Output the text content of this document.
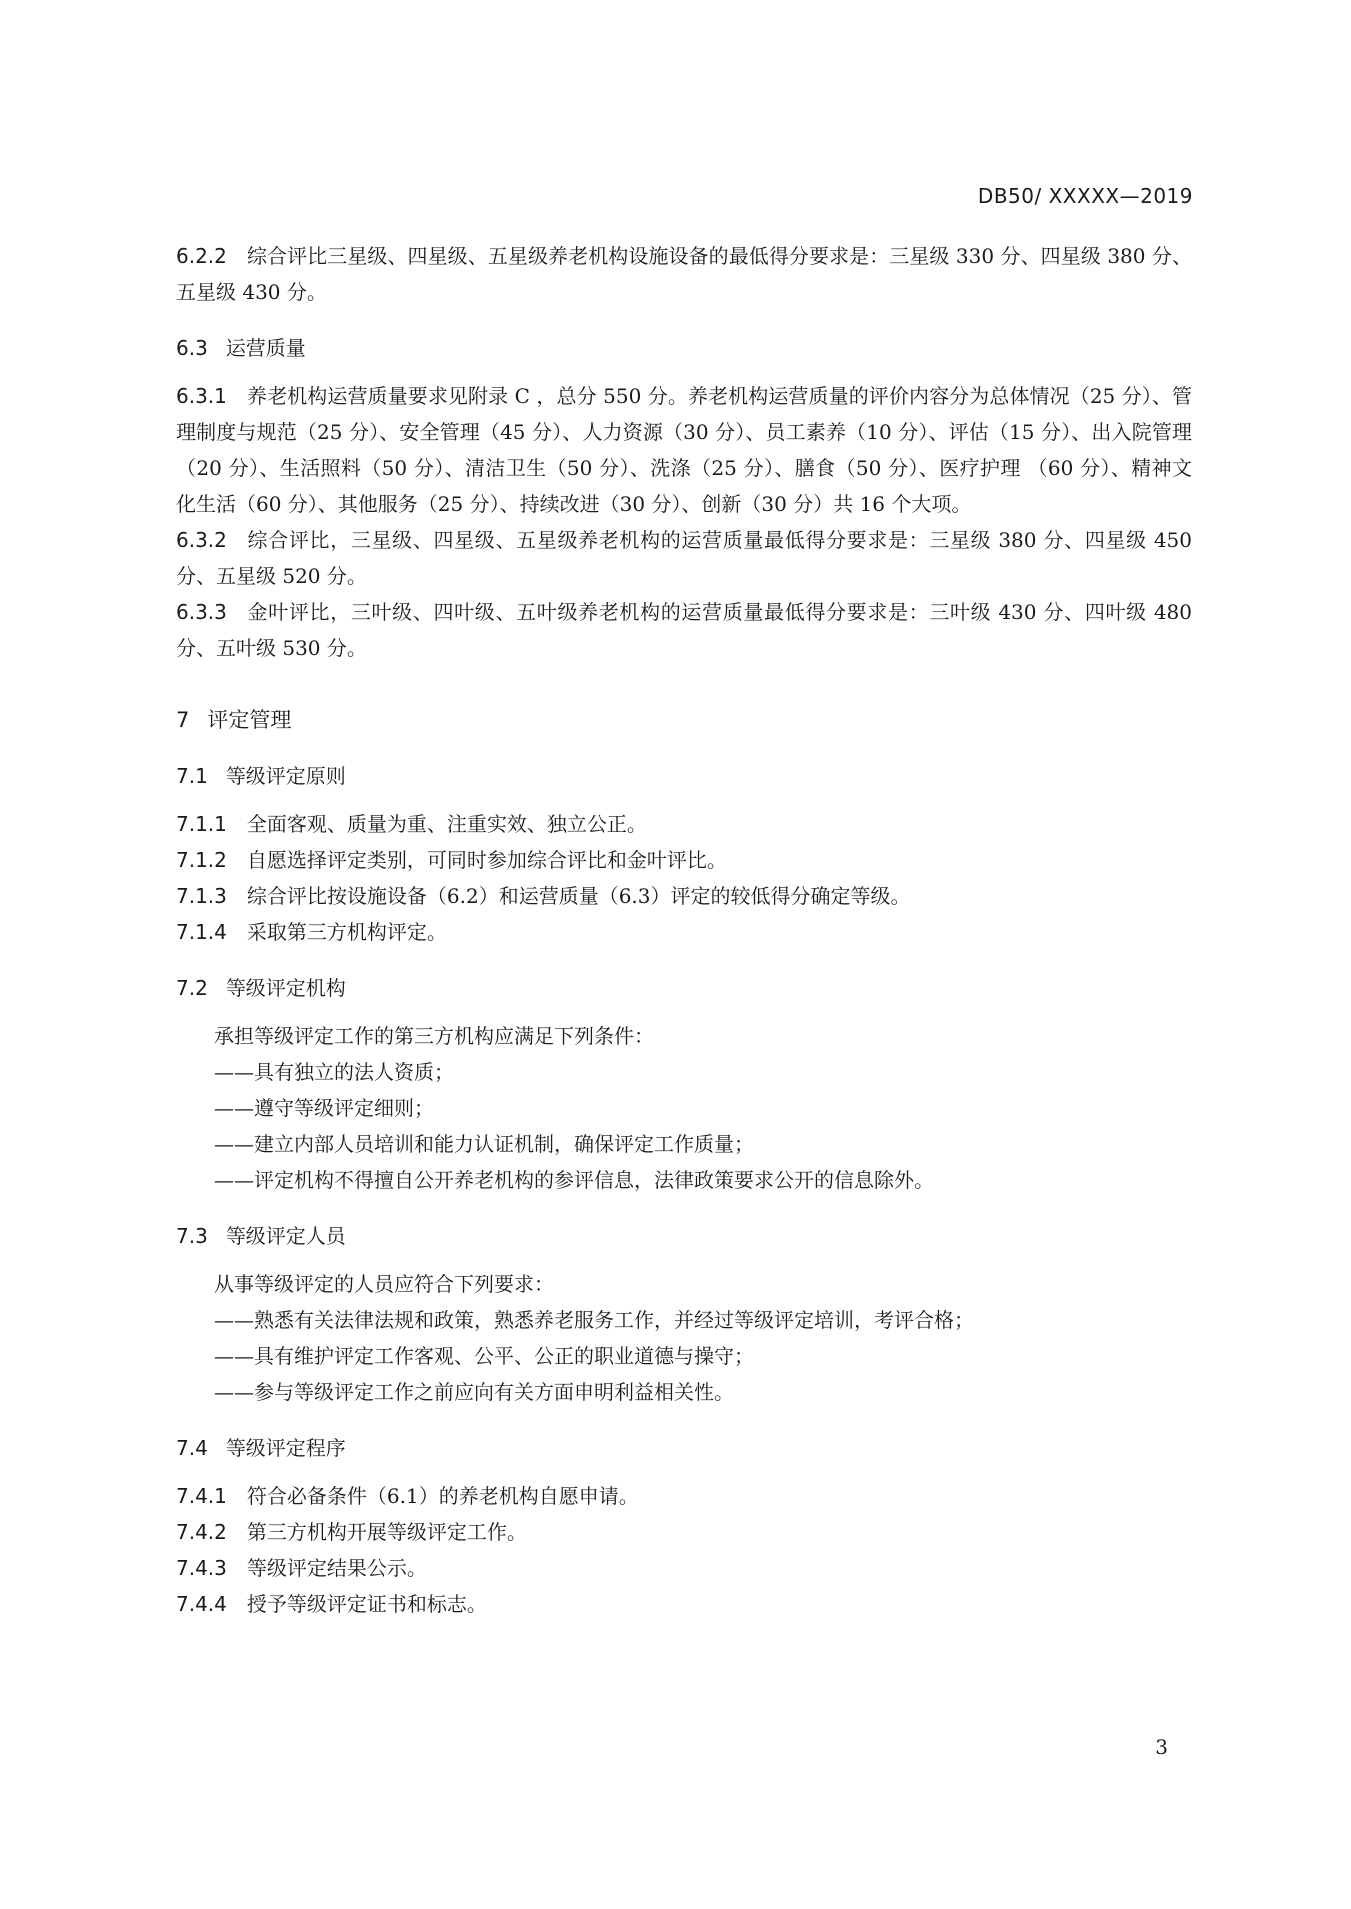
DB50/ XXXXX—2019

6.2.2 综合评比三星级、四星级、五星级养老机构设施设备的最低得分要求是：三星级 330 分、四星级 380 分、五星级 430 分。

6.3 运营质量

6.3.1 养老机构运营质量要求见附录 C ，总分 550 分。养老机构运营质量的评价内容分为总体情况（25 分）、管理制度与规范（25 分）、安全管理（45 分）、人力资源（30 分）、员工素养（10 分）、评估（15 分）、出入院管理（20 分）、生活照料（50 分）、清洁卫生（50 分）、洗涤（25 分）、膳食（50 分）、医疗护理 （60 分）、精神文化生活（60 分）、其他服务（25 分）、持续改进（30 分）、创新（30 分）共 16 个大项。

6.3.2 综合评比，三星级、四星级、五星级养老机构的运营质量最低得分要求是：三星级 380 分、四星级 450 分、五星级 520 分。

6.3.3 金叶评比，三叶级、四叶级、五叶级养老机构的运营质量最低得分要求是：三叶级 430 分、四叶级 480 分、五叶级 530 分。

7 评定管理

7.1 等级评定原则

7.1.1 全面客观、质量为重、注重实效、独立公正。

7.1.2 自愿选择评定类别，可同时参加综合评比和金叶评比。

7.1.3 综合评比按设施设备（6.2）和运营质量（6.3）评定的较低得分确定等级。

7.1.4 采取第三方机构评定。

7.2 等级评定机构

承担等级评定工作的第三方机构应满足下列条件：

——具有独立的法人资质；

——遵守等级评定细则；

——建立内部人员培训和能力认证机制，确保评定工作质量；

——评定机构不得擅自公开养老机构的参评信息，法律政策要求公开的信息除外。

7.3 等级评定人员

从事等级评定的人员应符合下列要求：

——熟悉有关法律法规和政策，熟悉养老服务工作，并经过等级评定培训，考评合格；

——具有维护评定工作客观、公平、公正的职业道德与操守；

——参与等级评定工作之前应向有关方面申明利益相关性。

7.4 等级评定程序

7.4.1 符合必备条件（6.1）的养老机构自愿申请。

7.4.2 第三方机构开展等级评定工作。

7.4.3 等级评定结果公示。

7.4.4 授予等级评定证书和标志。

3
